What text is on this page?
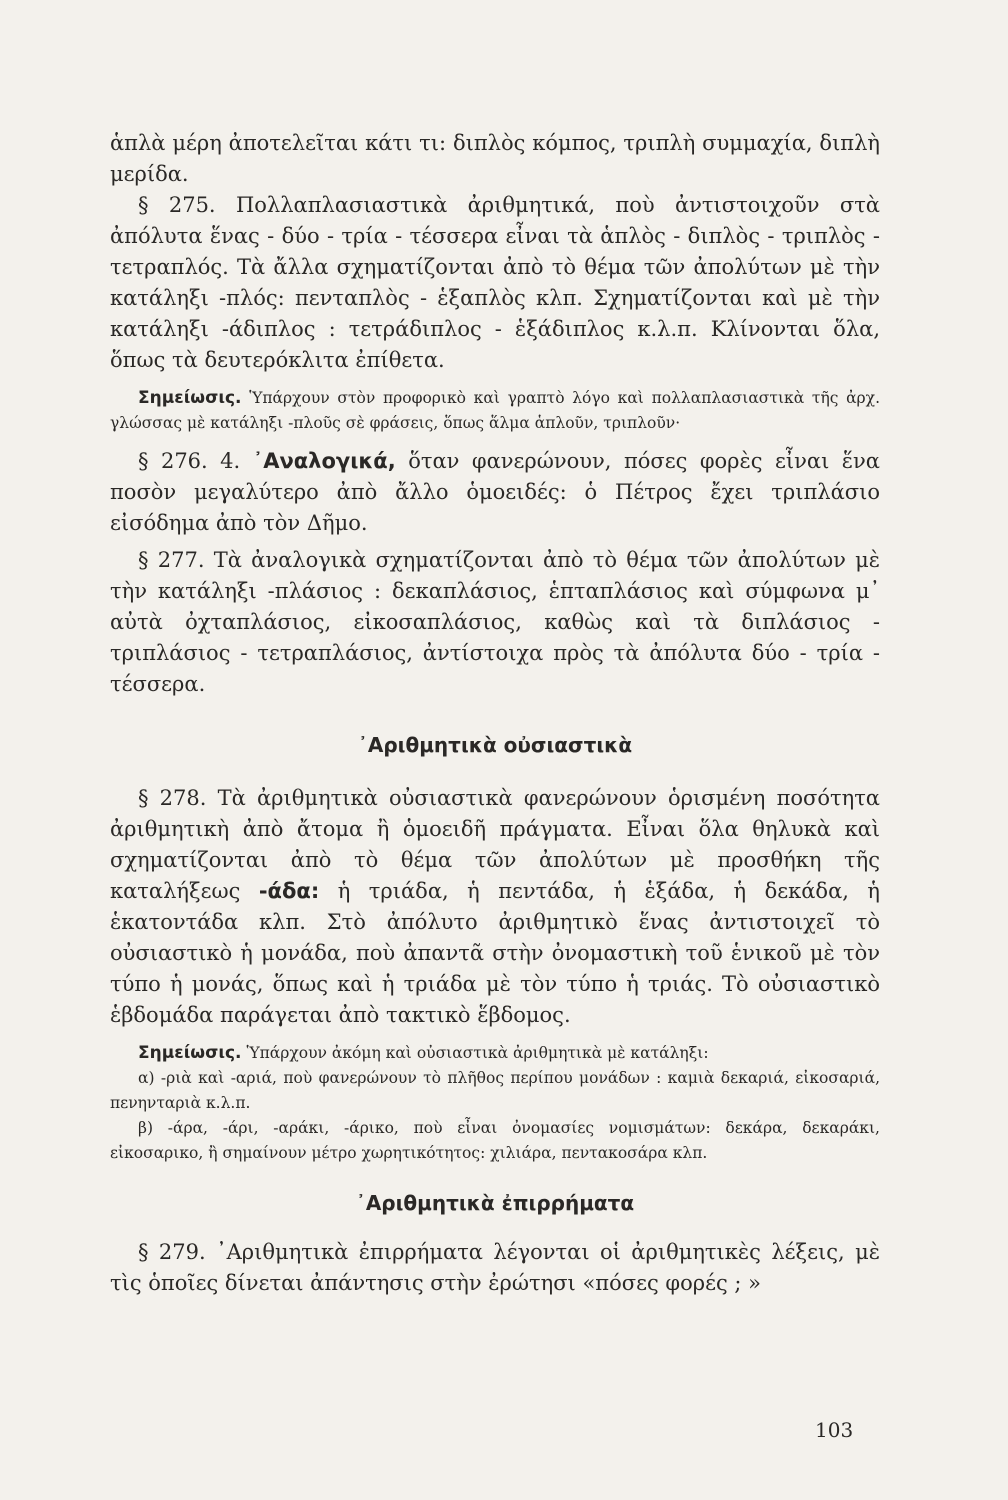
ἁπλὰ μέρη ἀποτελεῖται κάτι τι: διπλὸς κόμπος, τριπλὴ συμμαχία, διπλὴ μερίδα.

§ 275. Πολλαπλασιαστικὰ ἀριθμητικά, ποὺ ἀντιστοιχοῦν στὰ ἀπόλυτα ἕνας - δύο - τρία - τέσσερα εἶναι τὰ ἁπλὸς - διπλὸς - τριπλὸς - τετραπλός. Τὰ ἄλλα σχηματίζονται ἀπὸ τὸ θέμα τῶν ἀπολύτων μὲ τὴν κατάληξι -πλός: πενταπλὸς - ἑξαπλὸς κλπ. Σχηματίζονται καὶ μὲ τὴν κατάληξι -άδιπλος : τετράδιπλος - ἑξάδιπλος κ.λ.π. Κλίνονται ὅλα, ὅπως τὰ δευτερόκλιτα ἐπίθετα.

Σημείωσις. Ὑπάρχουν στὸν προφορικὸ καὶ γραπτὸ λόγο καὶ πολλαπλασιαστικὰ τῆς ἀρχ. γλώσσας μὲ κατάληξι -πλοῦς σὲ φράσεις, ὅπως ἅλμα ἁπλοῦν, τριπλοῦν·

§ 276. 4. ᾿Αναλογικά, ὅταν φανερώνουν, πόσες φορὲς εἶναι ἕνα ποσὸν μεγαλύτερο ἀπὸ ἄλλο ὁμοειδές: ὁ Πέτρος ἔχει τριπλάσιο εἰσόδημα ἀπὸ τὸν Δῆμο.

§ 277. Τὰ ἀναλογικὰ σχηματίζονται ἀπὸ τὸ θέμα τῶν ἀπολύτων μὲ τὴν κατάληξι -πλάσιος : δεκαπλάσιος, ἑπταπλάσιος καὶ σύμφωνα μ᾿ αὐτὰ ὀχταπλάσιος, εἰκοσαπλάσιος, καθὼς καὶ τὰ διπλάσιος - τριπλάσιος - τετραπλάσιος, ἀντίστοιχα πρὸς τὰ ἀπόλυτα δύο - τρία - τέσσερα.

᾿Αριθμητικὰ οὐσιαστικὰ

§ 278. Τὰ ἀριθμητικὰ οὐσιαστικὰ φανερώνουν ὁρισμένη ποσότητα ἀριθμητικὴ ἀπὸ ἄτομα ἢ ὁμοειδῆ πράγματα. Εἶναι ὅλα θηλυκὰ καὶ σχηματίζονται ἀπὸ τὸ θέμα τῶν ἀπολύτων μὲ προσθήκη τῆς καταλήξεως -άδα: ἡ τριάδα, ἡ πεντάδα, ἡ ἑξάδα, ἡ δεκάδα, ἡ ἑκατοντάδα κλπ. Στὸ ἀπόλυτο ἀριθμητικὸ ἕνας ἀντιστοιχεῖ τὸ οὐσιαστικὸ ἡ μονάδα, ποὺ ἀπαντᾶ στὴν ὀνομαστικὴ τοῦ ἑνικοῦ μὲ τὸν τύπο ἡ μονάς, ὅπως καὶ ἡ τριάδα μὲ τὸν τύπο ἡ τριάς. Τὸ οὐσιαστικὸ ἑβδομάδα παράγεται ἀπὸ τακτικὸ ἕβδομος.

Σημείωσις. Ὑπάρχουν ἀκόμη καὶ οὐσιαστικὰ ἀριθμητικὰ μὲ κατάληξι:

α) -ριὰ καὶ -αριά, ποὺ φανερώνουν τὸ πλῆθος περίπου μονάδων : καμιὰ δεκαριά, εἰκοσαριά, πενηνταριὰ κ.λ.π.

β) -άρα, -άρι, -αράκι, -άρικο, ποὺ εἶναι ὀνομασίες νομισμάτων: δεκάρα, δεκαράκι, εἰκοσαρικο, ἢ σημαίνουν μέτρο χωρητικότητος: χιλιάρα, πεντακοσάρα κλπ.

᾿Αριθμητικὰ ἐπιρρήματα

§ 279. ᾿Αριθμητικὰ ἐπιρρήματα λέγονται οἱ ἀριθμητικὲς λέξεις, μὲ τὶς ὁποῖες δίνεται ἀπάντησις στὴν ἐρώτησι «πόσες φορές ; »

103
